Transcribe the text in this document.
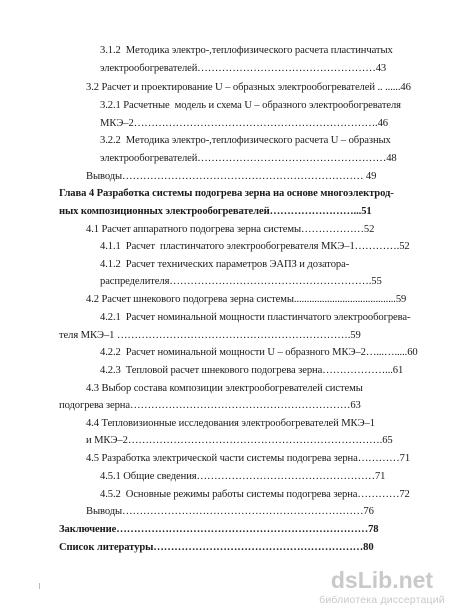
3.1.2  Методика электро-,теплофизического расчета пластинчатых
электрообогревателей……………………………………………43
3.2 Расчет и проектирование U – образных электрообогревателей .. ......46
3.2.1 Расчетные  модель и схема U – образного электрообогревателя
МКЭ–2…………………………………………………………….46
3.2.2  Методика электро-,теплофизического расчета U – образных
электрообогревателей………………………………………………48
Выводы…………………………………………………………… 49
Глава 4 Разработка системы подогрева зерна на основе многоэлектрод-
ных композиционных электрообогревателей……………………...51
4.1 Расчет аппаратного подогрева зерна системы………………52
4.1.1  Расчет  пластинчатого электрообогревателя МКЭ–1………….52
4.1.2  Расчет технических параметров ЭАПЗ и дозатора-
распределителя………………………………………………….55
4.2 Расчет шнекового подогрева зерна системы........................................59
4.2.1  Расчет номинальной мощности пластинчатого электрообогрева-
теля МКЭ–1 ………………………………………………………….59
4.2.2  Расчет номинальной мощности U – образного МКЭ–2…...….....60
4.2.3  Тепловой расчет шнекового подогрева зерна………………...61
4.3 Выбор состава композиции электрообогревателей системы
подогрева зерна………………………………………………………63
4.4 Тепловизионные исследования электрообогревателей МКЭ–1
и МКЭ–2……………………………………………………………….65
4.5 Разработка электрической части системы подогрева зерна…………71
4.5.1 Общие сведения……………………………………………71
4.5.2  Основные режимы работы системы подогрева зерна…………72
Выводы……………………………………………………………76
Заключение………………………………………………………………78
Список литературы……………………………………………………80
dsLib.net
библиотека диссертаций
